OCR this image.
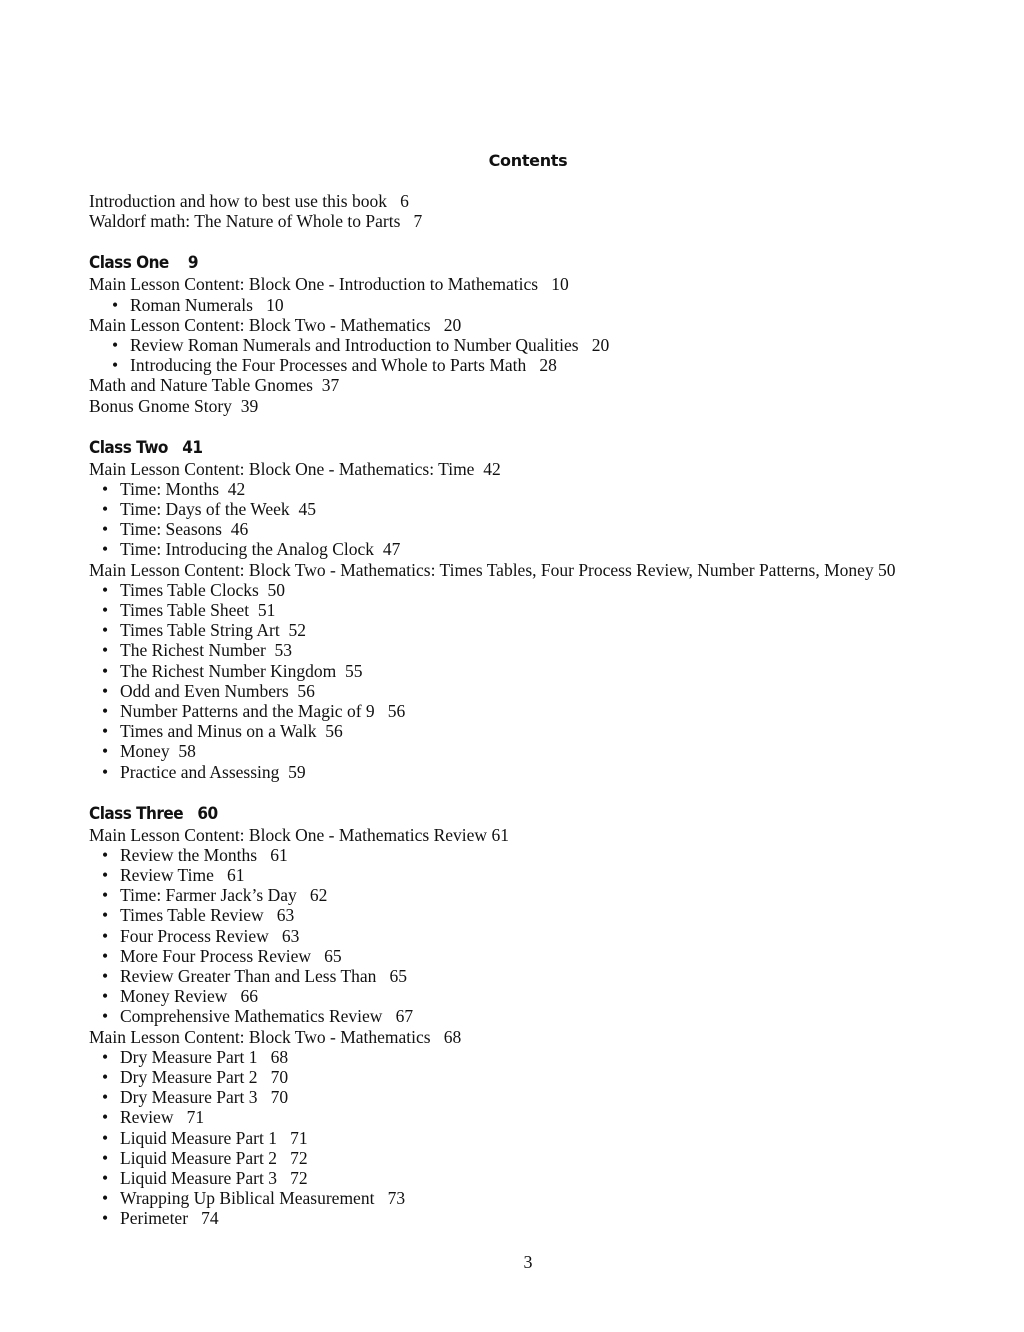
Contents
Introduction and how to best use this book 6
Waldorf math: The Nature of Whole to Parts 7
Class One 9
Main Lesson Content: Block One - Introduction to Mathematics 10
• Roman Numerals 10
Main Lesson Content: Block Two - Mathematics 20
• Review Roman Numerals and Introduction to Number Qualities 20
• Introducing the Four Processes and Whole to Parts Math 28
Math and Nature Table Gnomes 37
Bonus Gnome Story 39
Class Two 41
Main Lesson Content: Block One - Mathematics: Time 42
• Time: Months 42
• Time: Days of the Week 45
• Time: Seasons 46
• Time: Introducing the Analog Clock 47
Main Lesson Content: Block Two - Mathematics: Times Tables, Four Process Review, Number Patterns, Money 50
• Times Table Clocks 50
• Times Table Sheet 51
• Times Table String Art 52
• The Richest Number 53
• The Richest Number Kingdom 55
• Odd and Even Numbers 56
• Number Patterns and the Magic of 9 56
• Times and Minus on a Walk 56
• Money 58
• Practice and Assessing 59
Class Three 60
Main Lesson Content: Block One - Mathematics Review 61
• Review the Months 61
• Review Time 61
• Time: Farmer Jack’s Day 62
• Times Table Review 63
• Four Process Review 63
• More Four Process Review 65
• Review Greater Than and Less Than 65
• Money Review 66
• Comprehensive Mathematics Review 67
Main Lesson Content: Block Two - Mathematics 68
• Dry Measure Part 1 68
• Dry Measure Part 2 70
• Dry Measure Part 3 70
• Review 71
• Liquid Measure Part 1 71
• Liquid Measure Part 2 72
• Liquid Measure Part 3 72
• Wrapping Up Biblical Measurement 73
• Perimeter 74
3
